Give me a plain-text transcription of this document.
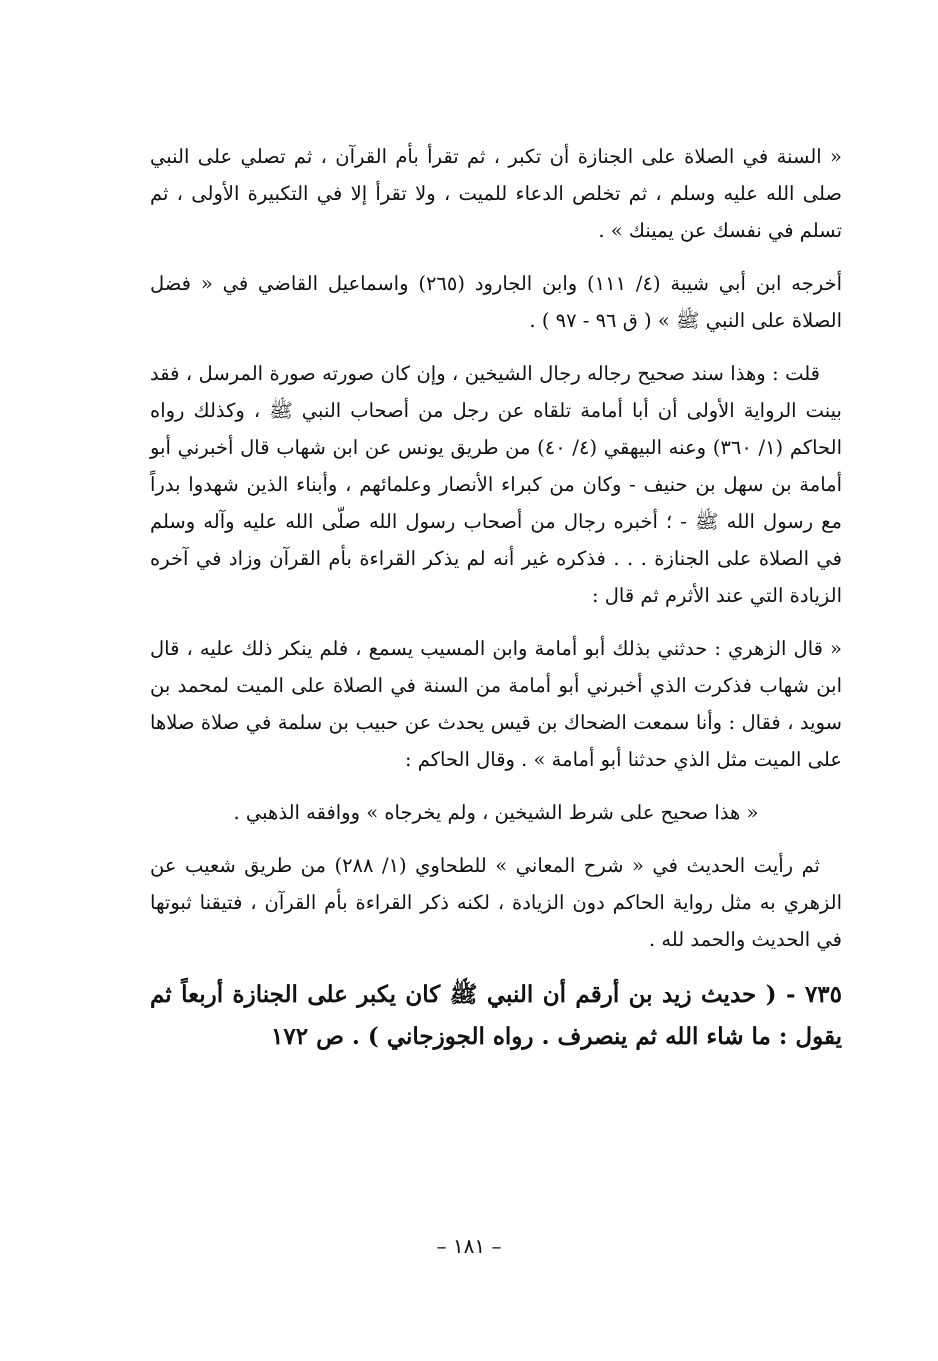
« السنة في الصلاة على الجنازة أن تكبر ، ثم تقرأ بأم القرآن ، ثم تصلي على النبي صلى الله عليه وسلم ، ثم تخلص الدعاء للميت ، ولا تقرأ إلا في التكبيرة الأولى ، ثم تسلم في نفسك عن يمينك » .

أخرجه ابن أبي شيبة (٤/ ١١١) وابن الجارود (٢٦٥) واسماعيل القاضي في « فضل الصلاة على النبي ﷺ » ( ق ٩٦ - ٩٧ ) .

قلت : وهذا سند صحيح رجاله رجال الشيخين ، وإن كان صورته صورة المرسل ، فقد بينت الرواية الأولى أن أبا أمامة تلقاه عن رجل من أصحاب النبي ﷺ ، وكذلك رواه الحاكم (١/ ٣٦٠) وعنه البيهقي (٤/ ٤٠) من طريق يونس عن ابن شهاب قال أخبرني أبو أمامة بن سهل بن حنيف - وكان من كبراء الأنصار وعلمائهم ، وأبناء الذين شهدوا بدراً مع رسول الله ﷺ - ؛ أخبره رجال من أصحاب رسول الله صلّى الله عليه وآله وسلم في الصلاة على الجنازة . . . فذكره غير أنه لم يذكر القراءة بأم القرآن وزاد في آخره الزيادة التي عند الأثرم ثم قال :

« قال الزهري : حدثني بذلك أبو أمامة وابن المسيب يسمع ، فلم ينكر ذلك عليه ، قال ابن شهاب فذكرت الذي أخبرني أبو أمامة من السنة في الصلاة على الميت لمحمد بن سويد ، فقال : وأنا سمعت الضحاك بن قيس يحدث عن حبيب بن سلمة في صلاة صلاها على الميت مثل الذي حدثنا أبو أمامة » . وقال الحاكم :

« هذا صحيح على شرط الشيخين ، ولم يخرجاه » ووافقه الذهبي .

ثم رأيت الحديث في « شرح المعاني » للطحاوي (١/ ٢٨٨) من طريق شعيب عن الزهري به مثل رواية الحاكم دون الزيادة ، لكنه ذكر القراءة بأم القرآن ، فتيقنا ثبوتها في الحديث والحمد لله .

٧٣٥ - ( حديث زيد بن أرقم أن النبي ﷺ كان يكبر على الجنازة أربعاً ثم يقول : ما شاء الله ثم ينصرف . رواه الجوزجاني ) . ص ١٧٢

– ١٨١ –
